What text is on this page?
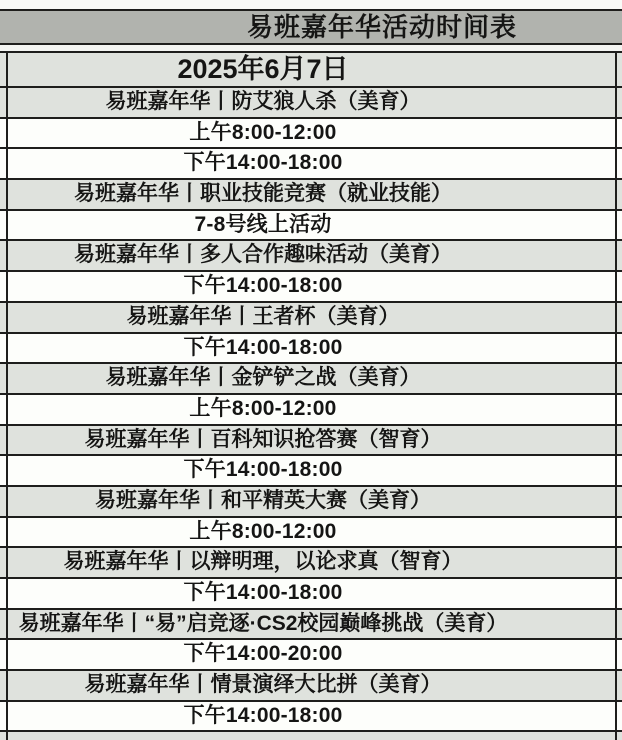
易班嘉年华活动时间表
2025年6月7日
易班嘉年华丨防艾狼人杀（美育）
上午8:00-12:00
下午14:00-18:00
易班嘉年华丨职业技能竞赛（就业技能）
7-8号线上活动
易班嘉年华丨多人合作趣味活动（美育）
下午14:00-18:00
易班嘉年华丨王者杯（美育）
下午14:00-18:00
易班嘉年华丨金铲铲之战（美育）
上午8:00-12:00
易班嘉年华丨百科知识抢答赛（智育）
下午14:00-18:00
易班嘉年华丨和平精英大赛（美育）
上午8:00-12:00
易班嘉年华丨以辩明理，以论求真（智育）
下午14:00-18:00
易班嘉年华丨“易”启竞逐·CS2校园巅峰挑战（美育）
下午14:00-20:00
易班嘉年华丨情景演绎大比拼（美育）
下午14:00-18:00
